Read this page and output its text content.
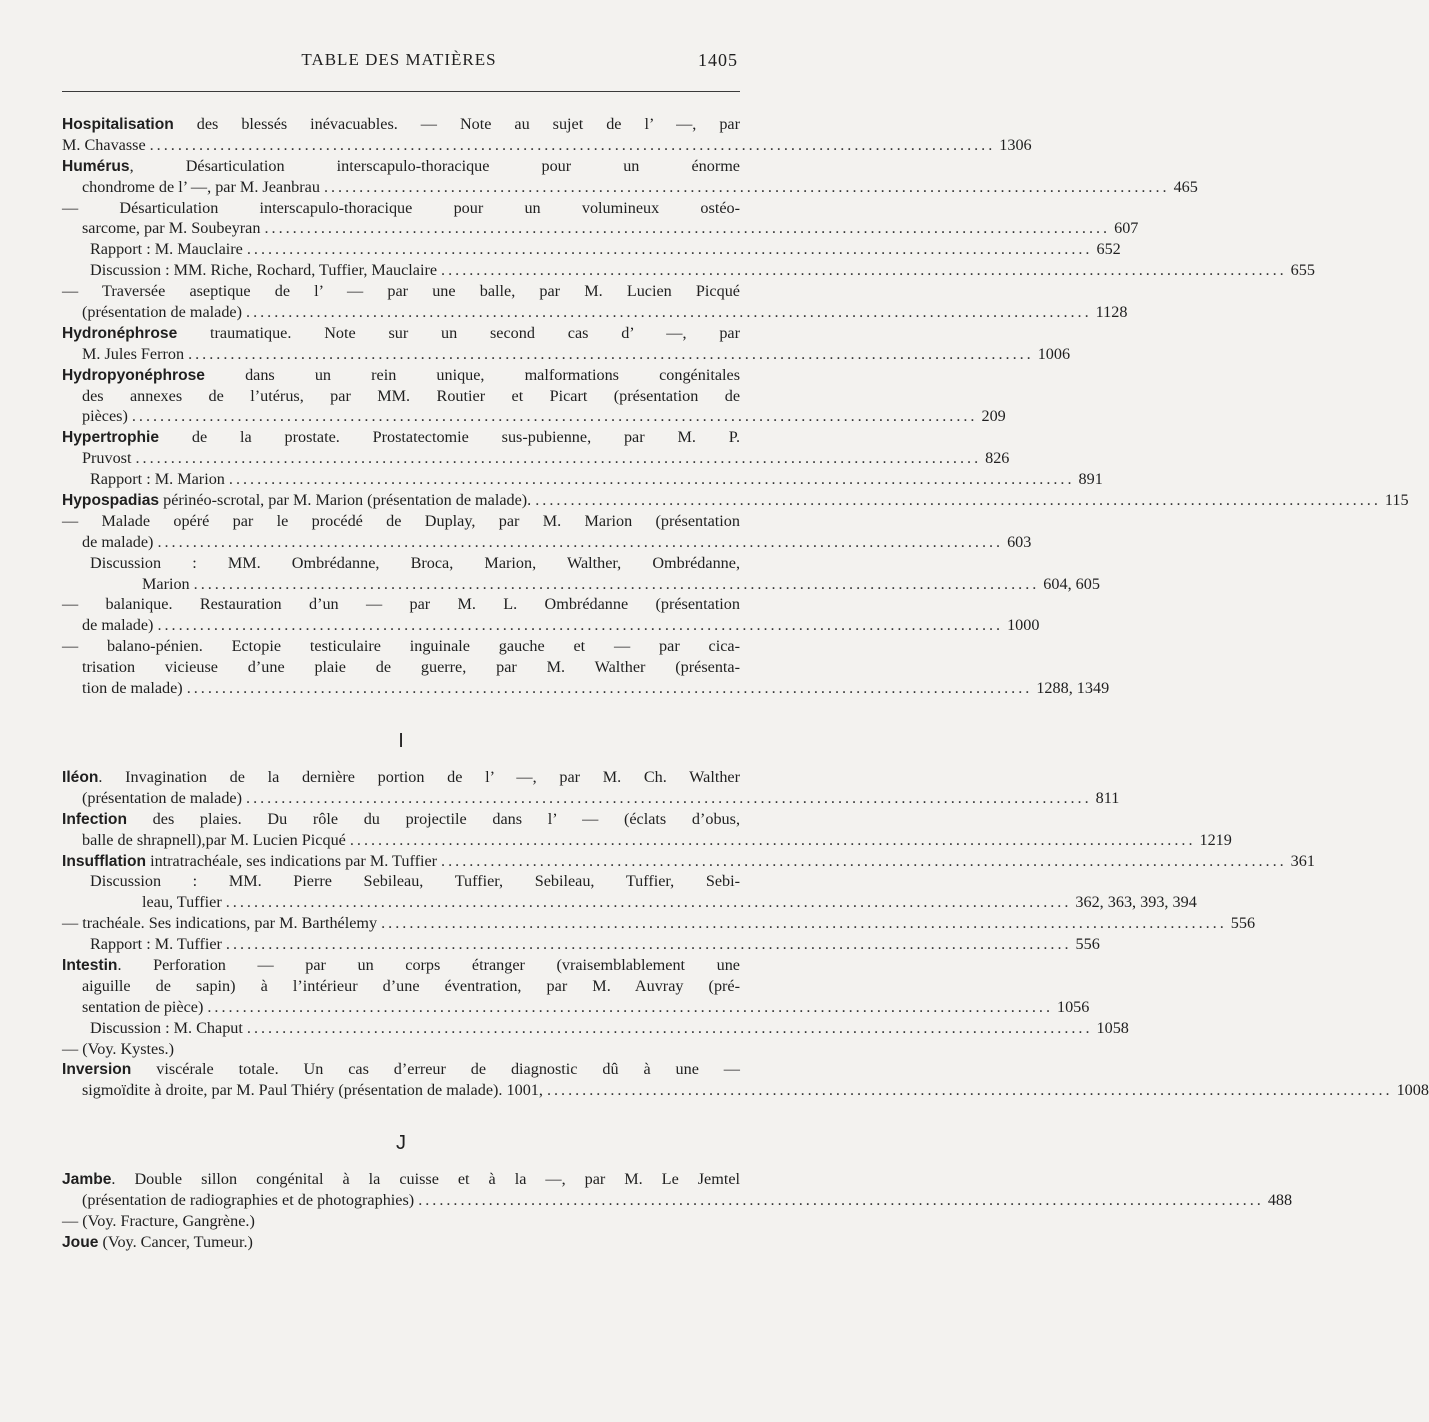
TABLE DES MATIÈRES	1405
Hospitalisation des blessés inévacuables. — Note au sujet de l’ —, par
M. Chavasse ........................................................................................................................ 1306
Humérus, Désarticulation interscapulo-thoracique pour un énorme
chondrome de l’ —, par M. Jeanbrau ........................................................................................................................ 465
— Désarticulation interscapulo-thoracique pour un volumineux ostéo-
sarcome, par M. Soubeyran ........................................................................................................................ 607
Rapport : M. Mauclaire ........................................................................................................................ 652
Discussion : MM. Riche, Rochard, Tuffier, Mauclaire ........................................................................................................................ 655
— Traversée aseptique de l’ — par une balle, par M. Lucien Picqué
(présentation de malade) ........................................................................................................................ 1128
Hydronéphrose traumatique. Note sur un second cas d’ —, par
M. Jules Ferron ........................................................................................................................ 1006
Hydropyonéphrose dans un rein unique, malformations congénitales
des annexes de l’utérus, par MM. Routier et Picart (présentation de
pièces) ........................................................................................................................ 209
Hypertrophie de la prostate. Prostatectomie sus-pubienne, par M. P.
Pruvost ........................................................................................................................ 826
Rapport : M. Marion ........................................................................................................................ 891
Hypospadias périnéo-scrotal, par M. Marion (présentation de malade). ........................................................................................................................ 115
— Malade opéré par le procédé de Duplay, par M. Marion (présentation
de malade) ........................................................................................................................ 603
Discussion : MM. Ombrédanne, Broca, Marion, Walther, Ombrédanne,
Marion ........................................................................................................................ 604, 605
— balanique. Restauration d’un — par M. L. Ombrédanne (présentation
de malade) ........................................................................................................................ 1000
— balano-pénien. Ectopie testiculaire inguinale gauche et — par cica-
trisation vicieuse d’une plaie de guerre, par M. Walther (présenta-
tion de malade) ........................................................................................................................ 1288, 1349
I
Iléon. Invagination de la dernière portion de l’ —, par M. Ch. Walther
(présentation de malade) ........................................................................................................................ 811
Infection des plaies. Du rôle du projectile dans l’ — (éclats d’obus,
balle de shrapnell),par M. Lucien Picqué ........................................................................................................................ 1219
Insufflation intratrachéale, ses indications par M. Tuffier ........................................................................................................................ 361
Discussion : MM. Pierre Sebileau, Tuffier, Sebileau, Tuffier, Sebi-
leau, Tuffier ........................................................................................................................ 362, 363, 393, 394
— trachéale. Ses indications, par M. Barthélemy ........................................................................................................................ 556
Rapport : M. Tuffier ........................................................................................................................ 556
Intestin. Perforation — par un corps étranger (vraisemblablement une
aiguille de sapin) à l’intérieur d’une éventration, par M. Auvray (pré-
sentation de pièce) ........................................................................................................................ 1056
Discussion : M. Chaput ........................................................................................................................ 1058
— (Voy. Kystes.)
Inversion viscérale totale. Un cas d’erreur de diagnostic dû à une —
sigmoïdite à droite, par M. Paul Thiéry (présentation de malade). 1001, ........................................................................................................................ 1008
J
Jambe. Double sillon congénital à la cuisse et à la —, par M. Le Jemtel
(présentation de radiographies et de photographies) ........................................................................................................................ 488
— (Voy. Fracture, Gangrène.)
Joue (Voy. Cancer, Tumeur.)
